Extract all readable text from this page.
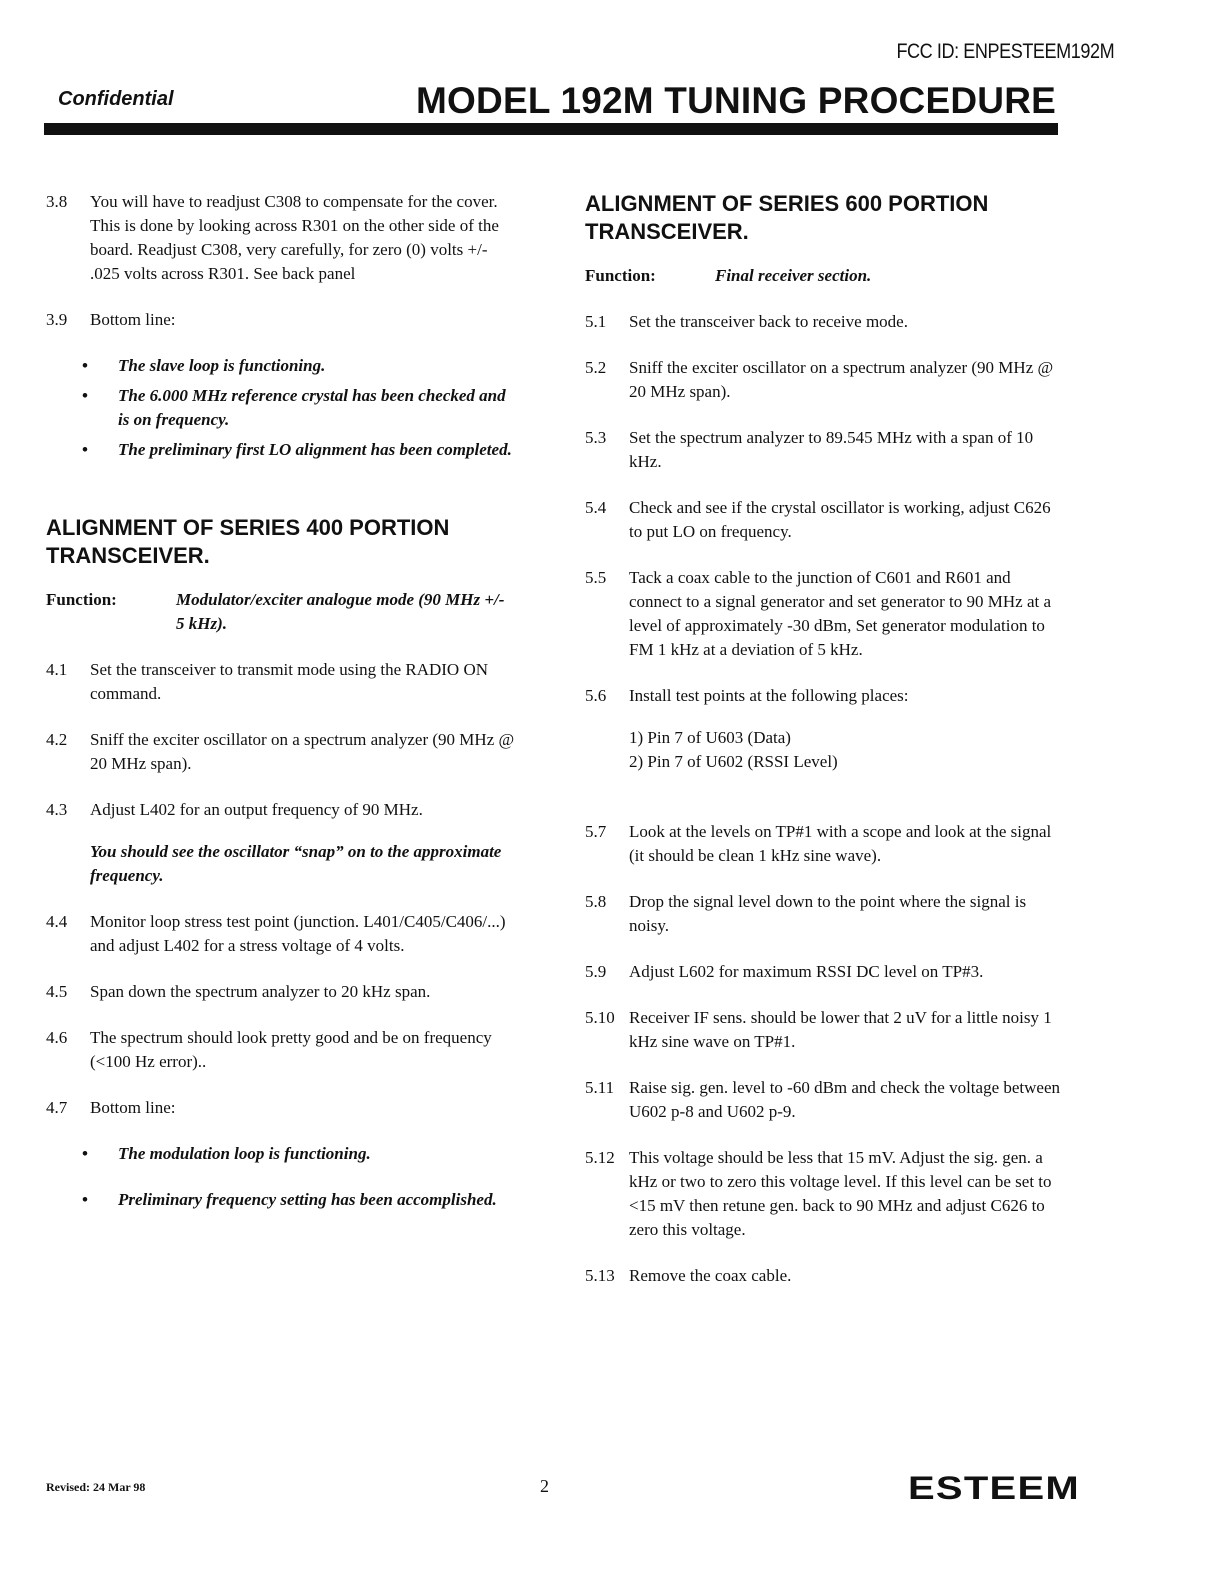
FCC ID: ENPESTEEM192M
Confidential	MODEL 192M TUNING PROCEDURE
3.8	You will have to readjust C308 to compensate for the cover. This is done by looking across R301 on the other side of the board. Readjust C308, very carefully, for zero (0) volts +/- .025 volts across R301. See back panel
3.9	Bottom line:
•	The slave loop is functioning.
•	The 6.000 MHz reference crystal has been checked and is on frequency.
•	The preliminary first LO alignment has been completed.
ALIGNMENT OF SERIES 400 PORTION TRANSCEIVER.
Function:	Modulator/exciter analogue mode (90 MHz +/- 5 kHz).
4.1	Set the transceiver to transmit mode using the RADIO ON command.
4.2	Sniff the exciter oscillator on a spectrum analyzer (90 MHz @ 20 MHz span).
4.3	Adjust L402 for an output frequency of 90 MHz.
You should see the oscillator “snap” on to the approximate frequency.
4.4	Monitor loop stress test point (junction. L401/C405/C406/...) and adjust L402 for a stress voltage of 4 volts.
4.5	Span down the spectrum analyzer to 20 kHz span.
4.6	The spectrum should look pretty good and be on frequency (<100 Hz error)..
4.7	Bottom line:
•	The modulation loop is functioning.
•	Preliminary frequency setting has been accomplished.
ALIGNMENT OF SERIES 600 PORTION TRANSCEIVER.
Function:	Final receiver section.
5.1	Set the transceiver back to receive mode.
5.2	Sniff the exciter oscillator on a spectrum analyzer (90 MHz @ 20 MHz span).
5.3	Set the spectrum analyzer to 89.545 MHz with a span of 10 kHz.
5.4	Check and see if the crystal oscillator is working, adjust C626 to put LO on frequency.
5.5	Tack a coax cable to the junction of C601 and R601 and connect to a signal generator and set generator to 90 MHz at a level of approximately -30 dBm, Set generator modulation to FM 1 kHz at a deviation of 5 kHz.
5.6	Install test points at the following places:
1) Pin 7 of U603 (Data)
2) Pin 7 of U602 (RSSI Level)
5.7	Look at the levels on TP#1 with a scope and look at the signal (it should be clean 1 kHz sine wave).
5.8	Drop the signal level down to the point where the signal is noisy.
5.9	Adjust L602 for maximum RSSI DC level on TP#3.
5.10 Receiver IF sens. should be lower that 2 uV for a little noisy 1 kHz sine wave on TP#1.
5.11 Raise sig. gen. level to -60 dBm and check the voltage between U602 p-8 and U602 p-9.
5.12 This voltage should be less that 15 mV. Adjust the sig. gen. a kHz or two to zero this voltage level. If this level can be set to <15 mV then retune gen. back to 90 MHz and adjust C626 to zero this voltage.
5.13 Remove the coax cable.
Revised: 24 Mar 98	2	ESTEEM
